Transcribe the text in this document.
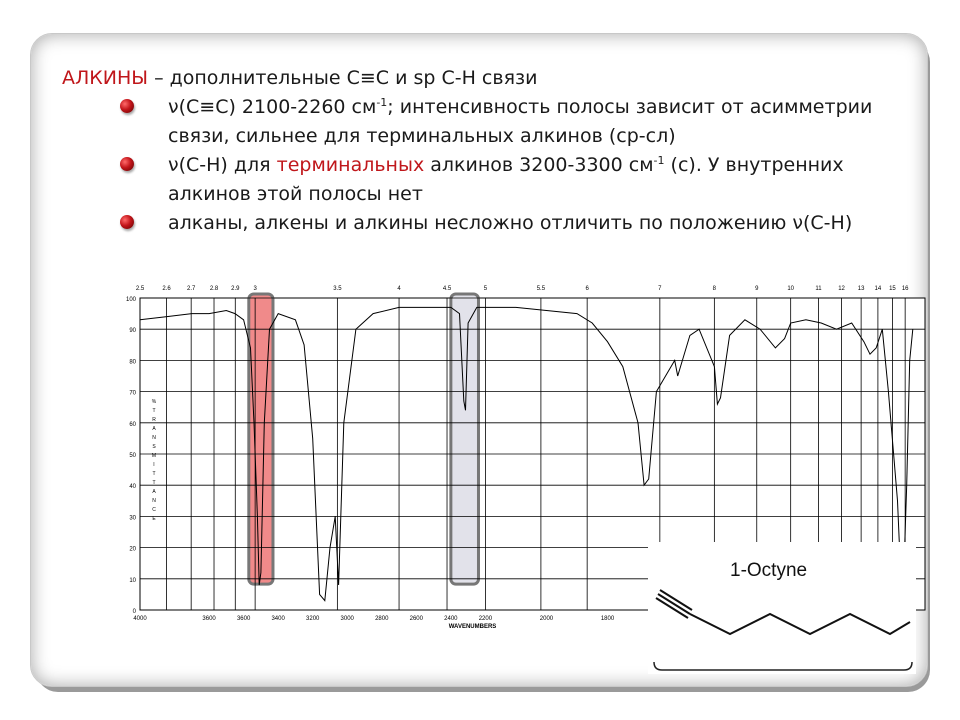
АЛКИНЫ – дополнительные C≡C и sp C-H связи
ν(C≡C) 2100-2260 $см^{-1}$; интенсивность полосы зависит от асимметрии
связи, сильнее для терминальных алкинов (ср-сл)
ν(C-H) для терминальных алкинов 3200-3300 $см^{-1}$ (с). У внутренних
алкинов этой полосы нет
алканы, алкены и алкины несложно отличить по положению ν(C-H)
0
10
20
30
40
50
60
70
80
90
100
2.5	2.6	2.7 2.8 2.9 3	3.5	4	4.5	5	5.5	6	7	8	9	10	11	12 13 14 15 16
4000	3600	3600	3400	3200	3000	2800	2600	2400	2200	2000	1800
WAVENUMBERS
%
T
R
A
N
S
M
I
T
T
A
N
C
E
1-Octyne
